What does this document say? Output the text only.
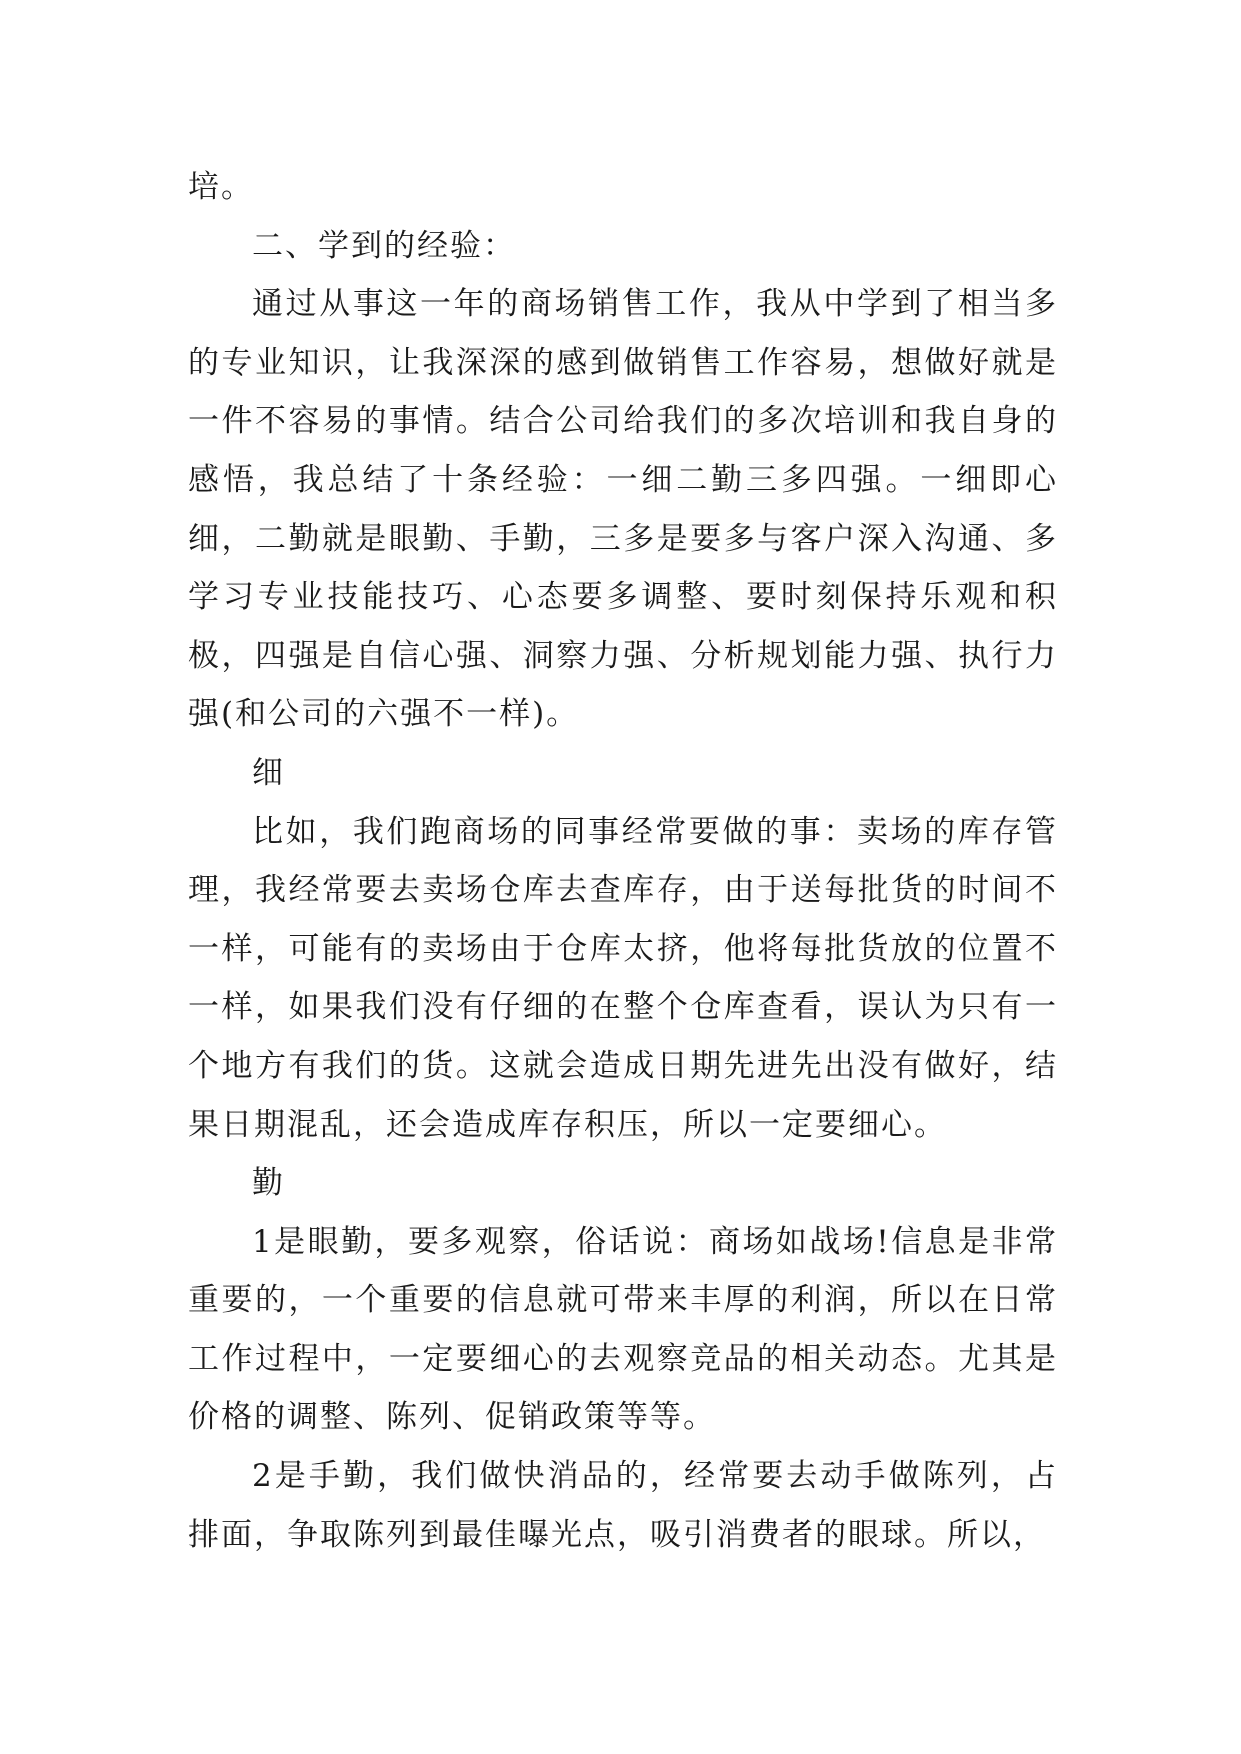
培。

二、学到的经验：

通过从事这一年的商场销售工作，我从中学到了相当多的专业知识，让我深深的感到做销售工作容易，想做好就是一件不容易的事情。结合公司给我们的多次培训和我自身的感悟，我总结了十条经验：一细二勤三多四强。一细即心细，二勤就是眼勤、手勤，三多是要多与客户深入沟通、多学习专业技能技巧、心态要多调整、要时刻保持乐观和积极，四强是自信心强、洞察力强、分析规划能力强、执行力强(和公司的六强不一样)。

细

比如，我们跑商场的同事经常要做的事：卖场的库存管理，我经常要去卖场仓库去查库存，由于送每批货的时间不一样，可能有的卖场由于仓库太挤，他将每批货放的位置不一样，如果我们没有仔细的在整个仓库查看，误认为只有一个地方有我们的货。这就会造成日期先进先出没有做好，结果日期混乱，还会造成库存积压，所以一定要细心。

勤

1是眼勤，要多观察，俗话说：商场如战场!信息是非常重要的，一个重要的信息就可带来丰厚的利润，所以在日常工作过程中，一定要细心的去观察竞品的相关动态。尤其是价格的调整、陈列、促销政策等等。

2是手勤，我们做快消品的，经常要去动手做陈列，占排面，争取陈列到最佳曝光点，吸引消费者的眼球。所以，
